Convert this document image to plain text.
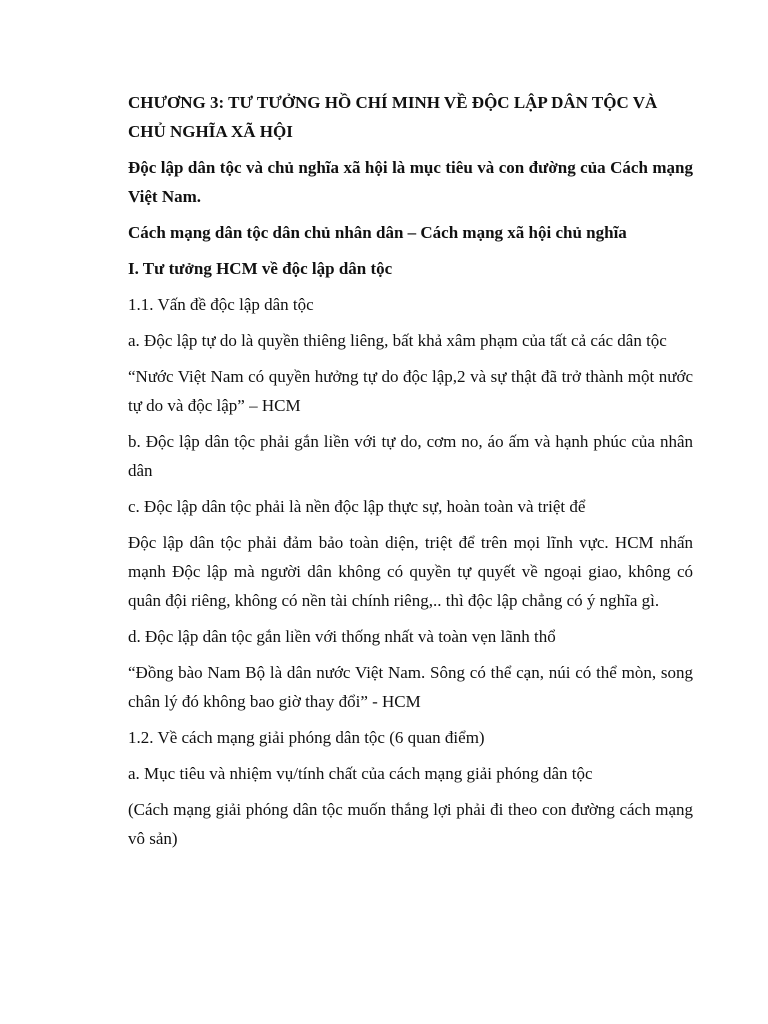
CHƯƠNG 3: TƯ TƯỞNG HỒ CHÍ MINH VỀ ĐỘC LẬP DÂN TỘC VÀ CHỦ NGHĨA XÃ HỘI

Độc lập dân tộc và chủ nghĩa xã hội là mục tiêu và con đường của Cách mạng Việt Nam.

Cách mạng dân tộc dân chủ nhân dân – Cách mạng xã hội chủ nghĩa

I. Tư tưởng HCM về độc lập dân tộc

1.1. Vấn đề độc lập dân tộc

a. Độc lập tự do là quyền thiêng liêng, bất khả xâm phạm của tất cả các dân tộc

“Nước Việt Nam có quyền hưởng tự do độc lập,2 và sự thật đã trở thành một nước tự do và độc lập” – HCM

b. Độc lập dân tộc phải gắn liền với tự do, cơm no, áo ấm và hạnh phúc của nhân dân

c. Độc lập dân tộc phải là nền độc lập thực sự, hoàn toàn và triệt để

Độc lập dân tộc phải đảm bảo toàn diện, triệt để trên mọi lĩnh vực. HCM nhấn mạnh Độc lập mà người dân không có quyền tự quyết về ngoại giao, không có quân đội riêng, không có nền tài chính riêng,.. thì độc lập chẳng có ý nghĩa gì.

d. Độc lập dân tộc gắn liền với thống nhất và toàn vẹn lãnh thổ

“Đồng bào Nam Bộ là dân nước Việt Nam. Sông có thể cạn, núi có thể mòn, song chân lý đó không bao giờ thay đổi” - HCM

1.2. Về cách mạng giải phóng dân tộc (6 quan điểm)

a. Mục tiêu và nhiệm vụ/tính chất của cách mạng giải phóng dân tộc

(Cách mạng giải phóng dân tộc muốn thắng lợi phải đi theo con đường cách mạng vô sản)
